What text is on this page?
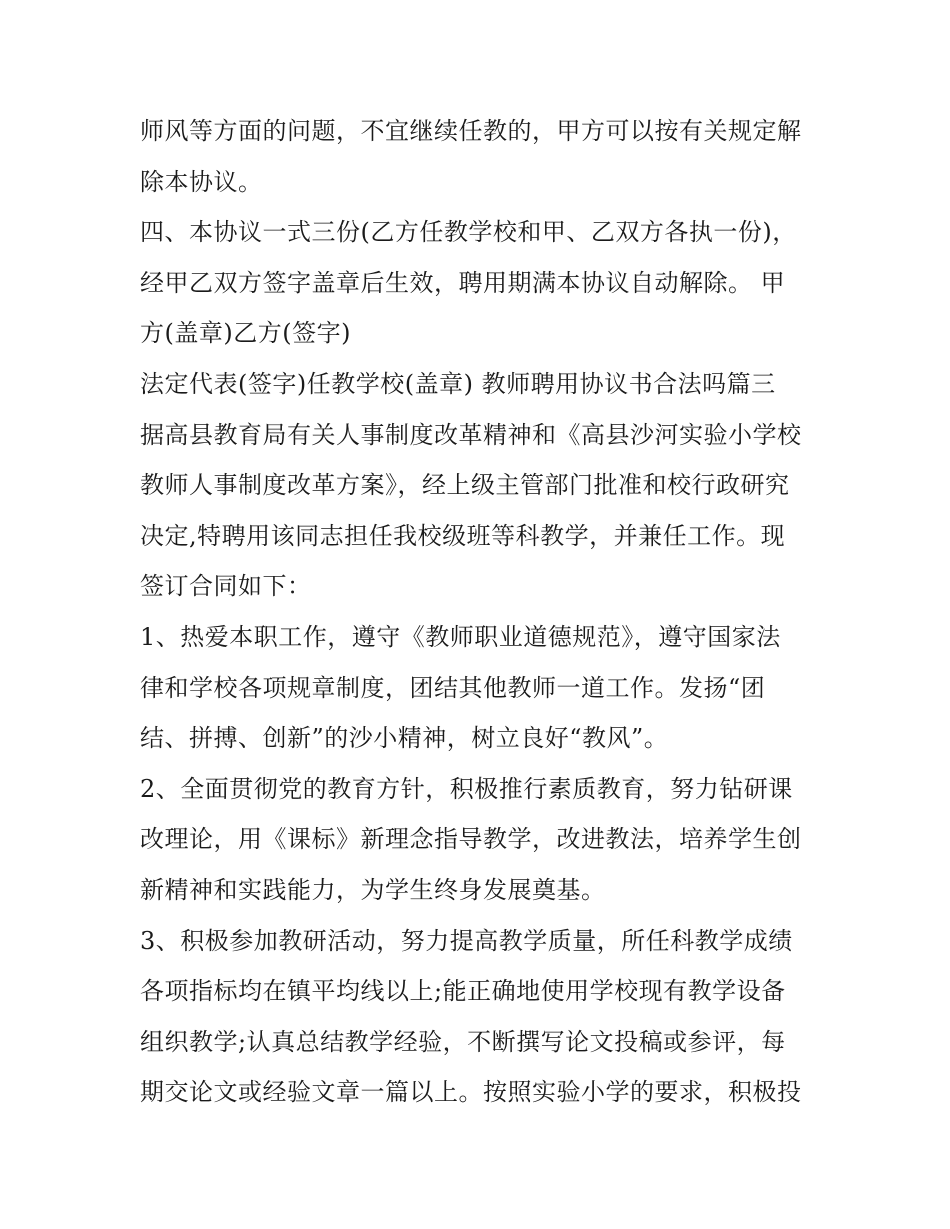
师风等方面的问题，不宜继续任教的，甲方可以按有关规定解
除本协议。
四、本协议一式三份(乙方任教学校和甲、乙双方各执一份)，
经甲乙双方签字盖章后生效，聘用期满本协议自动解除。 甲
方(盖章)乙方(签字)
法定代表(签字)任教学校(盖章) 教师聘用协议书合法吗篇三
据高县教育局有关人事制度改革精神和《高县沙河实验小学校
教师人事制度改革方案》，经上级主管部门批准和校行政研究
决定,特聘用该同志担任我校级班等科教学，并兼任工作。现
签订合同如下：
1、热爱本职工作，遵守《教师职业道德规范》，遵守国家法
律和学校各项规章制度，团结其他教师一道工作。发扬“团
结、拼搏、创新”的沙小精神，树立良好“教风”。
2、全面贯彻党的教育方针，积极推行素质教育，努力钻研课
改理论，用《课标》新理念指导教学，改进教法，培养学生创
新精神和实践能力，为学生终身发展奠基。
3、积极参加教研活动，努力提高教学质量，所任科教学成绩
各项指标均在镇平均线以上;能正确地使用学校现有教学设备
组织教学;认真总结教学经验，不断撰写论文投稿或参评，每
期交论文或经验文章一篇以上。按照实验小学的要求，积极投
